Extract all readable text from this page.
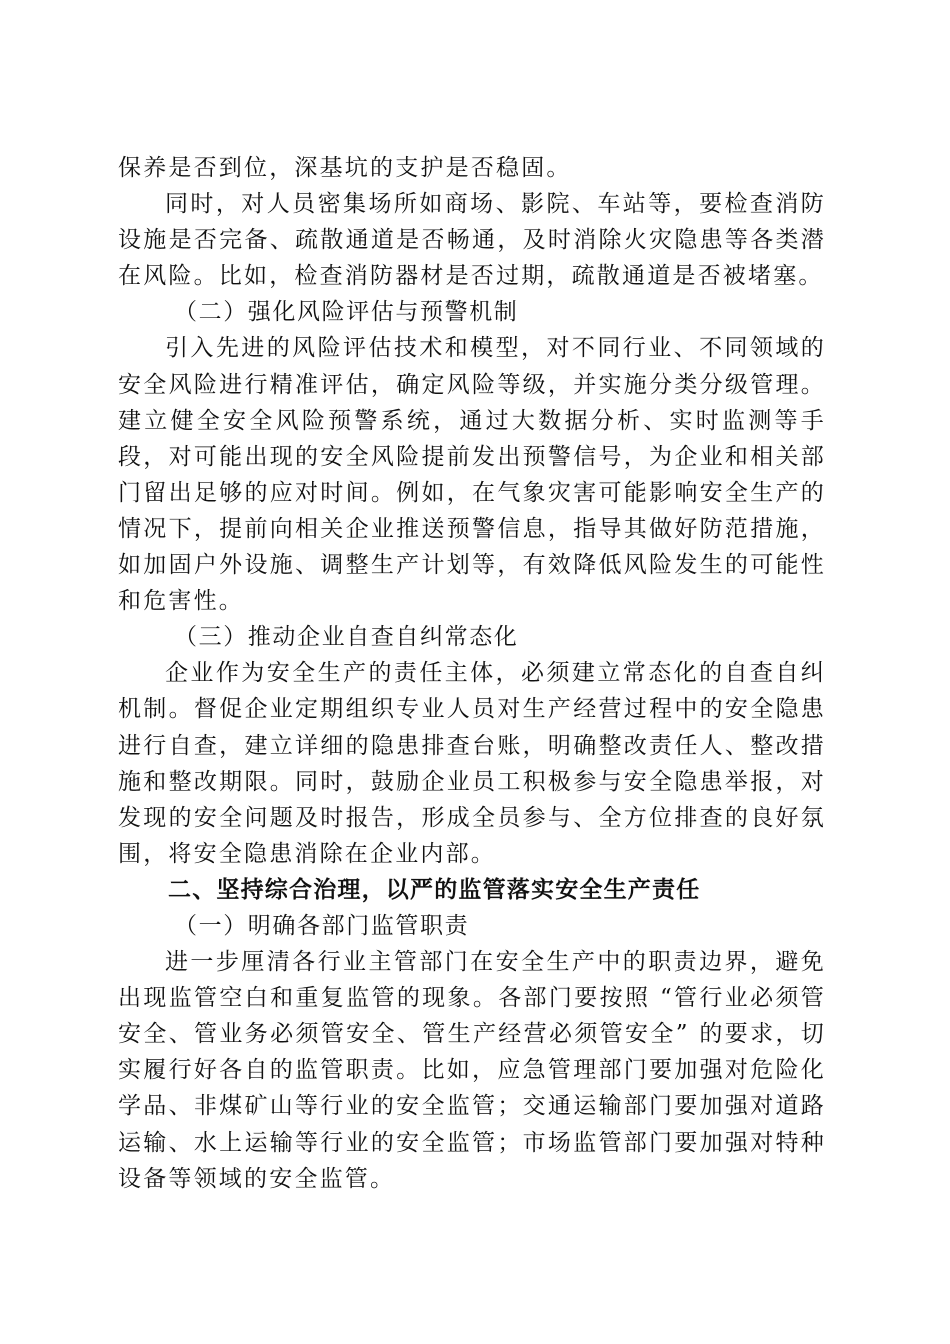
保养是否到位，深基坑的支护是否稳固。

同时，对人员密集场所如商场、影院、车站等，要检查消防设施是否完备、疏散通道是否畅通，及时消除火灾隐患等各类潜在风险。比如，检查消防器材是否过期，疏散通道是否被堵塞。

（二）强化风险评估与预警机制

引入先进的风险评估技术和模型，对不同行业、不同领域的安全风险进行精准评估，确定风险等级，并实施分类分级管理。建立健全安全风险预警系统，通过大数据分析、实时监测等手段，对可能出现的安全风险提前发出预警信号，为企业和相关部门留出足够的应对时间。例如，在气象灾害可能影响安全生产的情况下，提前向相关企业推送预警信息，指导其做好防范措施，如加固户外设施、调整生产计划等，有效降低风险发生的可能性和危害性。

（三）推动企业自查自纠常态化

企业作为安全生产的责任主体，必须建立常态化的自查自纠机制。督促企业定期组织专业人员对生产经营过程中的安全隐患进行自查，建立详细的隐患排查台账，明确整改责任人、整改措施和整改期限。同时，鼓励企业员工积极参与安全隐患举报，对发现的安全问题及时报告，形成全员参与、全方位排查的良好氛围，将安全隐患消除在企业内部。

二、坚持综合治理，以严的监管落实安全生产责任

（一）明确各部门监管职责

进一步厘清各行业主管部门在安全生产中的职责边界，避免出现监管空白和重复监管的现象。各部门要按照 “管行业必须管安全、管业务必须管安全、管生产经营必须管安全” 的要求，切实履行好各自的监管职责。比如，应急管理部门要加强对危险化学品、非煤矿山等行业的安全监管；交通运输部门要加强对道路运输、水上运输等行业的安全监管；市场监管部门要加强对特种设备等领域的安全监管。
